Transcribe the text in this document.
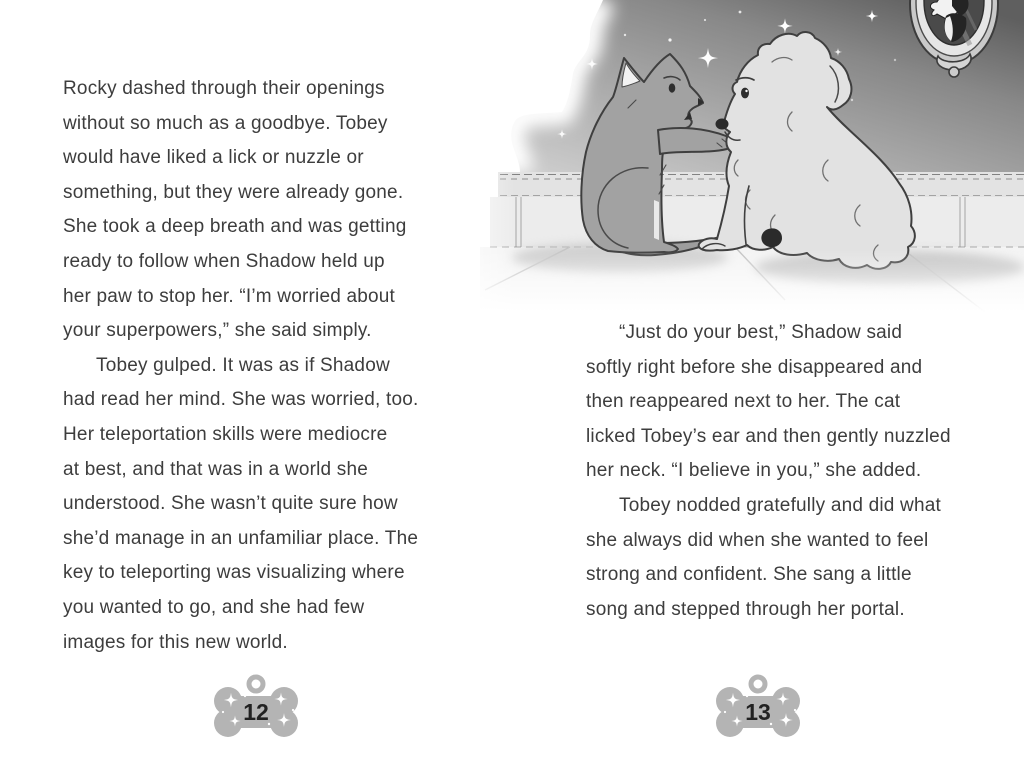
Rocky dashed through their openings
without so much as a goodbye. Tobey
would have liked a lick or nuzzle or
something, but they were already gone.
She took a deep breath and was getting
ready to follow when Shadow held up
her paw to stop her. “I’m worried about
your superpowers,” she said simply.
Tobey gulped. It was as if Shadow
had read her mind. She was worried, too.
Her teleportation skills were mediocre
at best, and that was in a world she
understood. She wasn’t quite sure how
she’d manage in an unfamiliar place. The
key to teleporting was visualizing where
you wanted to go, and she had few
images for this new world.
“Just do your best,” Shadow said
softly right before she disappeared and
then reappeared next to her. The cat
licked Tobey’s ear and then gently nuzzled
her neck. “I believe in you,” she added.
Tobey nodded gratefully and did what
she always did when she wanted to feel
strong and confident. She sang a little
song and stepped through her portal.
12	13
